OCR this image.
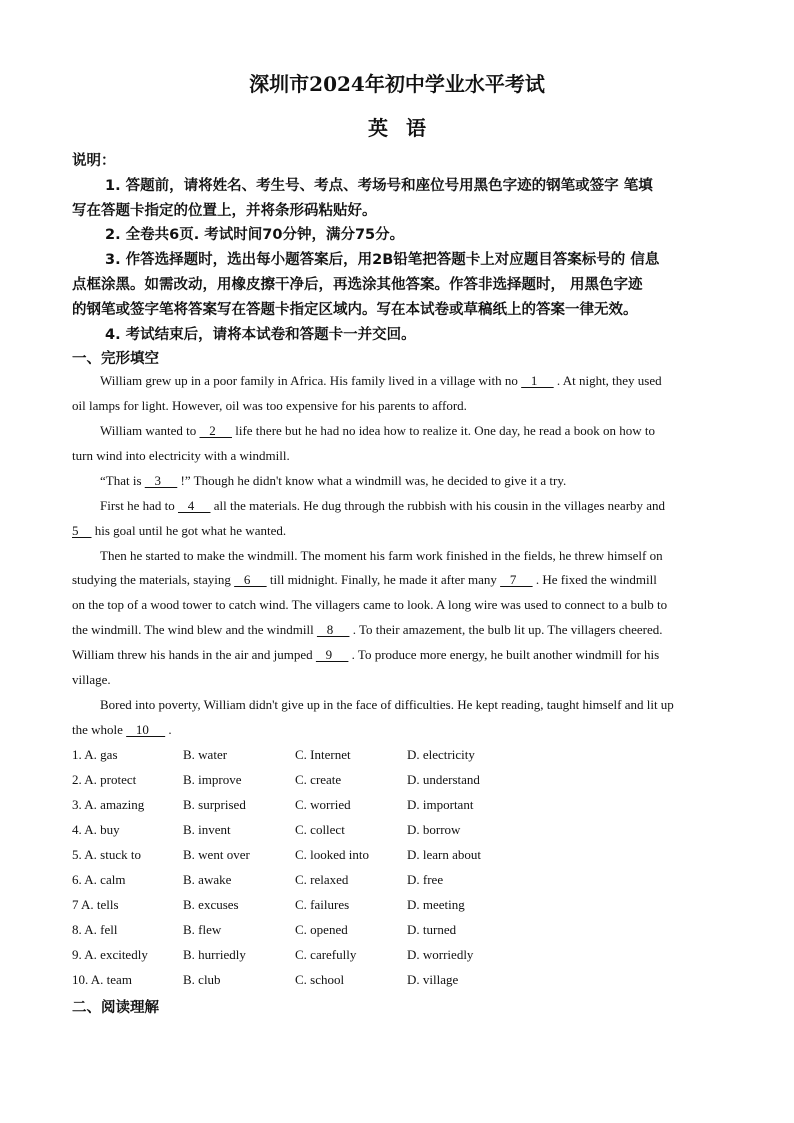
深圳市2024年初中学业水平考试
英语
说明：
1. 答题前，请将姓名、考生号、考点、考场号和座位号用黑色字迹的钢笔或签字 笔填
写在答题卡指定的位置上，并将条形码粘贴好。
2. 全卷共6页. 考试时间70分钟，满分75分。
3. 作答选择题时，选出每小题答案后，用2B铅笔把答题卡上对应题目答案标号的 信息
点框涂黑。如需改动，用橡皮擦干净后，再选涂其他答案。作答非选择题时， 用黑色字迹
的钢笔或签字笔将答案写在答题卡指定区域内。写在本试卷或草稿纸上的答案一律无效。
4. 考试结束后，请将本试卷和答题卡一并交回。
一、完形填空
William grew up in a poor family in Africa. His family lived in a village with no    1      . At night, they used
oil lamps for light. However, oil was too expensive for his parents to afford.
William wanted to    2      life there but he had no idea how to realize it. One day, he read a book on how to
turn wind into electricity with a windmill.
“That is    3      !” Though he didn't know what a windmill was, he decided to give it a try.
First he had to    4      all the materials. He dug through the rubbish with his cousin in the villages nearby and
5     his goal until he got what he wanted.
Then he started to make the windmill. The moment his farm work finished in the fields, he threw himself on
studying the materials, staying    6      till midnight. Finally, he made it after many    7      . He fixed the windmill
on the top of a wood tower to catch wind. The villagers came to look. A long wire was used to connect to a bulb to
the windmill. The wind blew and the windmill    8      . To their amazement, the bulb lit up. The villagers cheered.
William threw his hands in the air and jumped    9      . To produce more energy, he built another windmill for his
village.
Bored into poverty, William didn't give up in the face of difficulties. He kept reading, taught himself and lit up
the whole    10      .
1. A. gas	B. water	C. Internet	D. electricity
2. A. protect	B. improve	C. create	D. understand
3. A. amazing	B. surprised	C. worried	D. important
4. A. buy	B. invent	C. collect	D. borrow
5. A. stuck to	B. went over	C. looked into	D. learn about
6. A. calm	B. awake	C. relaxed	D. free
7 A. tells	B. excuses	C. failures	D. meeting
8. A. fell	B. flew	C. opened	D. turned
9. A. excitedly	B. hurriedly	C. carefully	D. worriedly
10. A. team	B. club	C. school	D. village
二、阅读理解
